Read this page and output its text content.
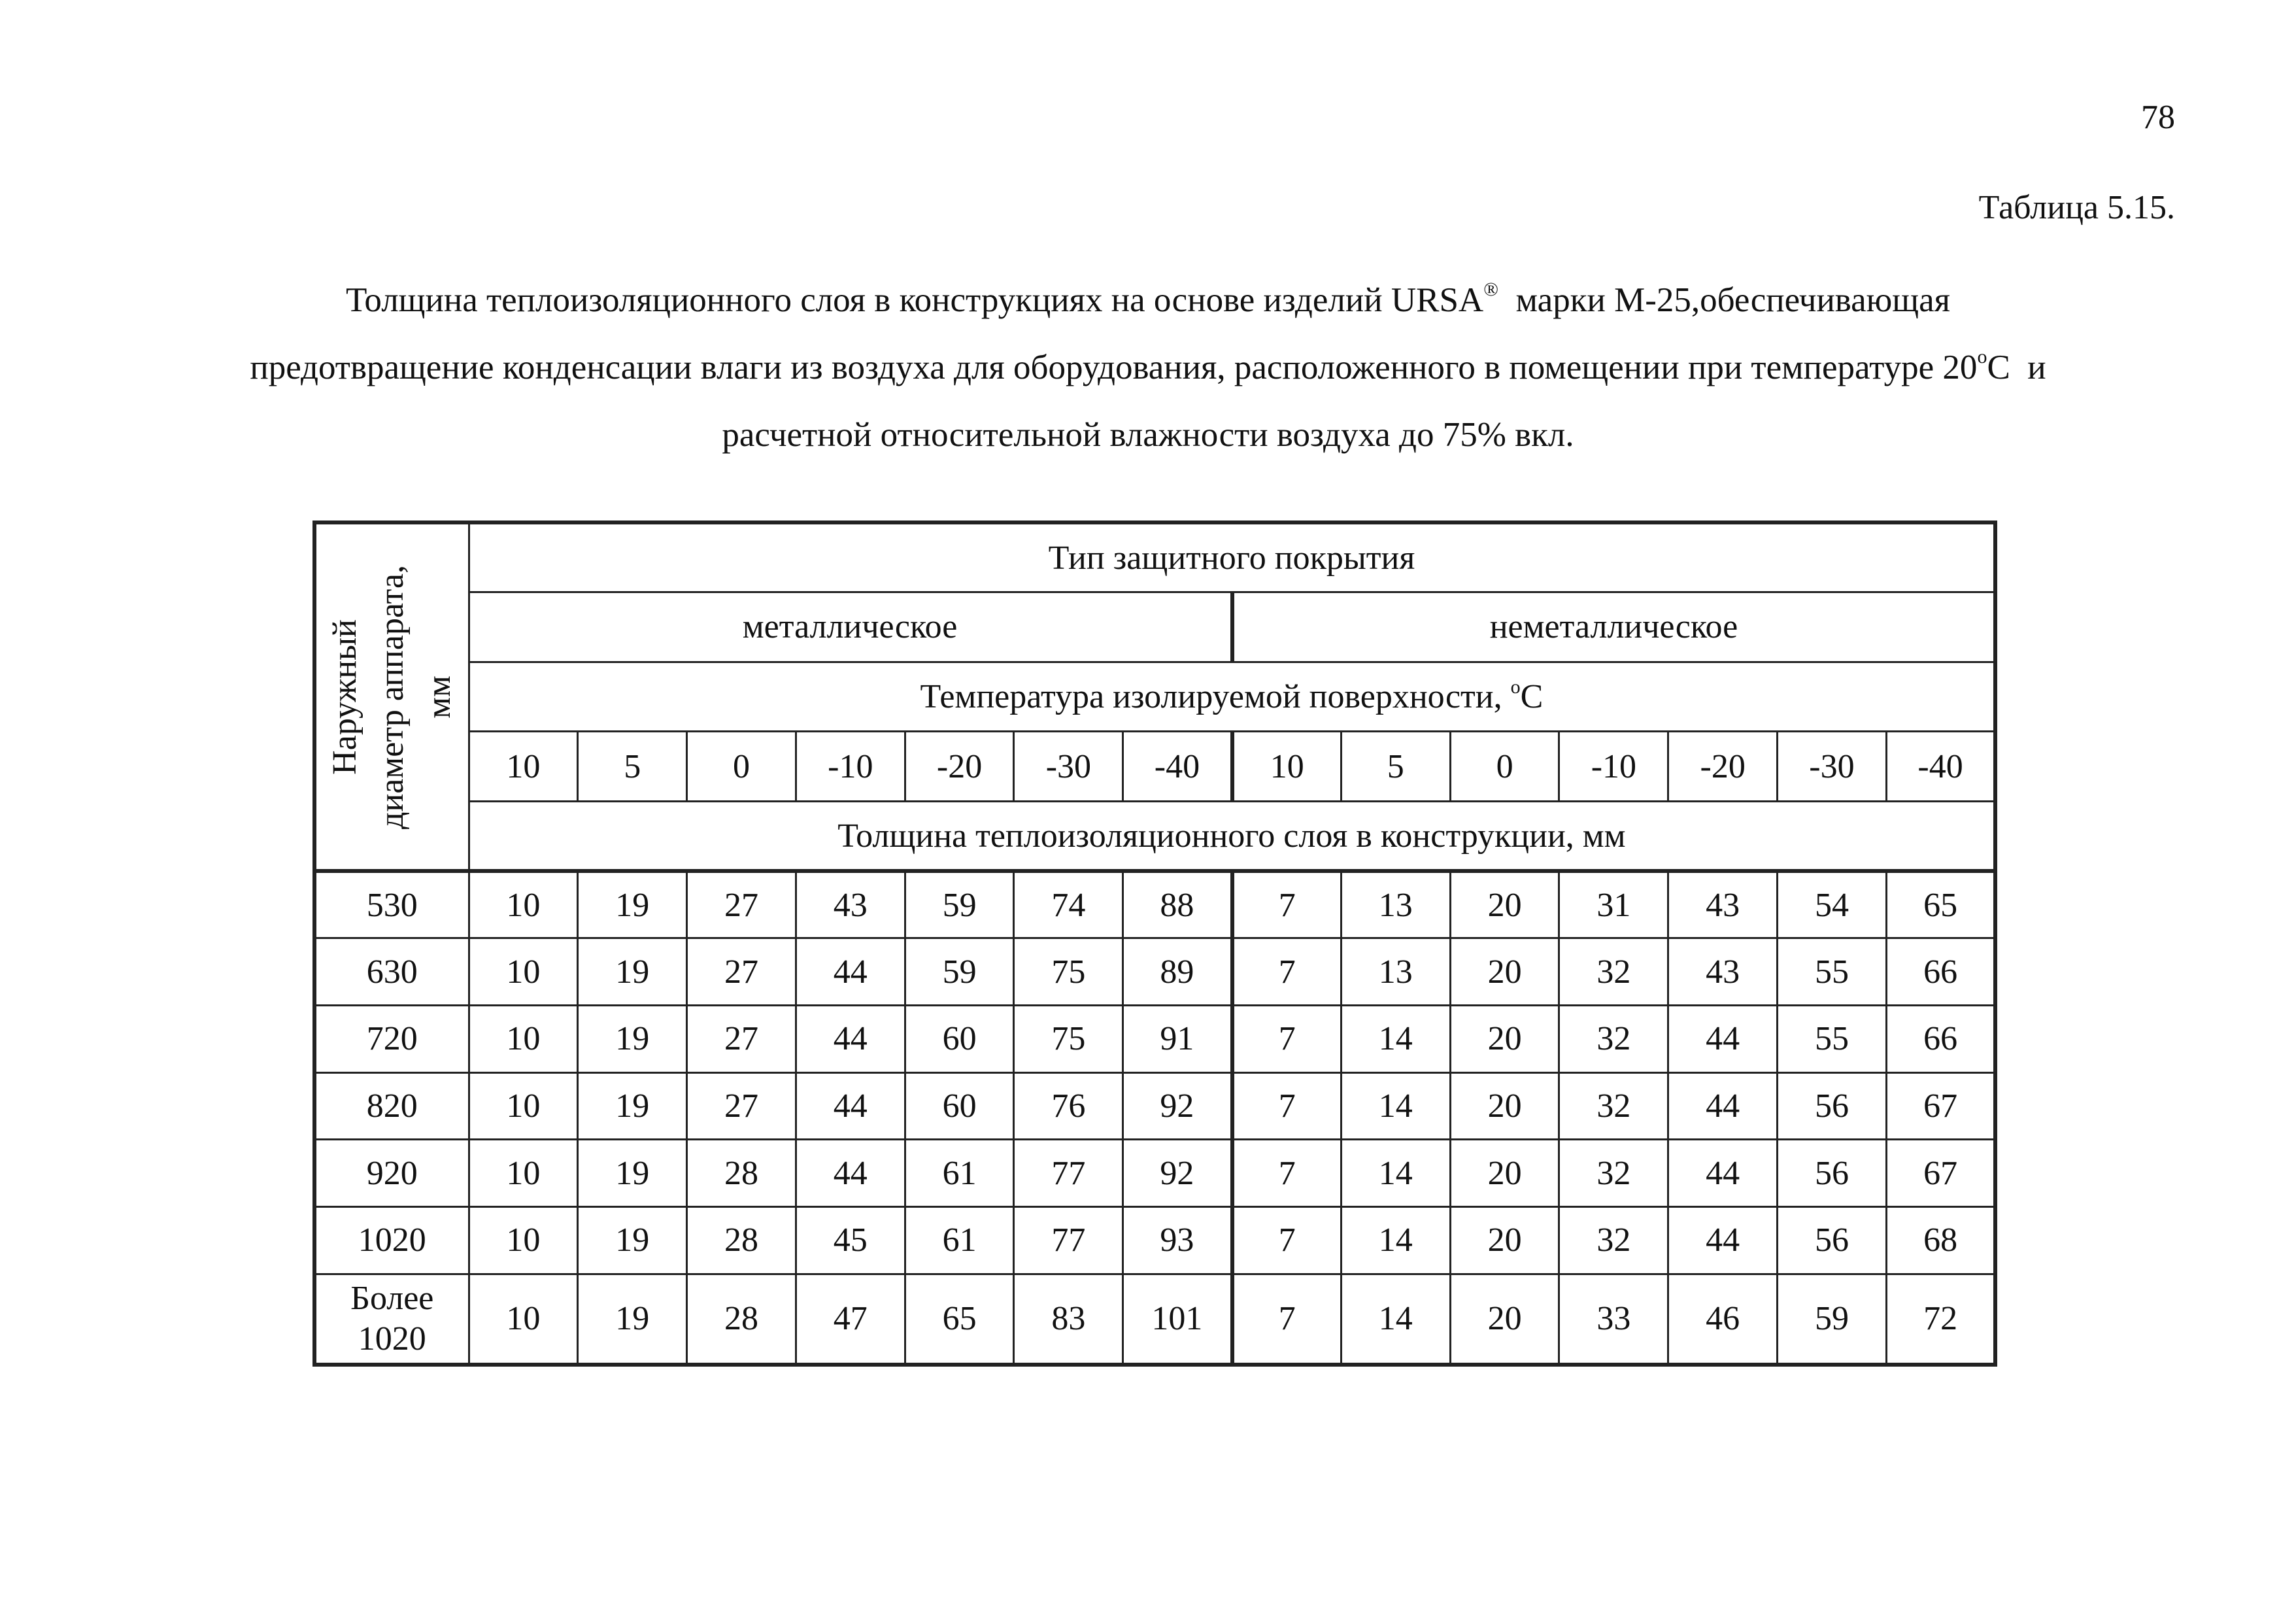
78
Таблица 5.15.
Толщина теплоизоляционного слоя в конструкциях на основе изделий URSA®  марки М-25,обеспечивающая
предотвращение конденсации влаги из воздуха для оборудования, расположенного в помещении при температуре 20$^o$С  и
расчетной относительной влажности воздуха до 75% вкл.
Наружный диаметр аппарата, мм	Тип защитного покрытия													
	металлическое							неметаллическое						
	Температура изолируемой поверхности, $^o$С													
	10	5	0	-10	-20	-30	-40	10	5	0	-10	-20	-30	-40
	Толщина теплоизоляционного слоя в конструкции, мм													
530	10	19	27	43	59	74	88	7	13	20	31	43	54	65
630	10	19	27	44	59	75	89	7	13	20	32	43	55	66
720	10	19	27	44	60	75	91	7	14	20	32	44	55	66
820	10	19	27	44	60	76	92	7	14	20	32	44	56	67
920	10	19	28	44	61	77	92	7	14	20	32	44	56	67
1020	10	19	28	45	61	77	93	7	14	20	32	44	56	68

Более
1020	10	19	28	47	65	83	101	7	14	20	33	46	59	72
